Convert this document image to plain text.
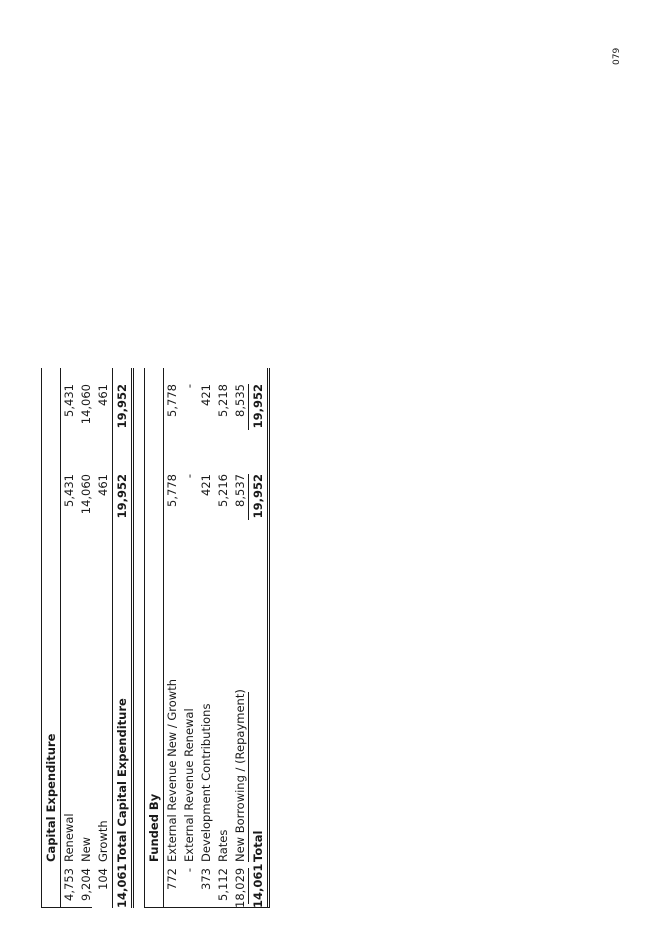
079
Capital Expenditure
4,753
Renewal
5,431
5,431
9,204
New
14,060
14,060
104
Growth
461
461
14,061
Total Capital Expenditure
19,952
19,952
Funded By
772
External Revenue New / Growth
5,778
5,778
-
External Revenue Renewal
-
-
373
Development Contributions
421
421
5,112
Rates
5,216
5,218
18,029
New Borrowing / (Repayment)
8,537
8,535
14,061
Total
19,952
19,952
